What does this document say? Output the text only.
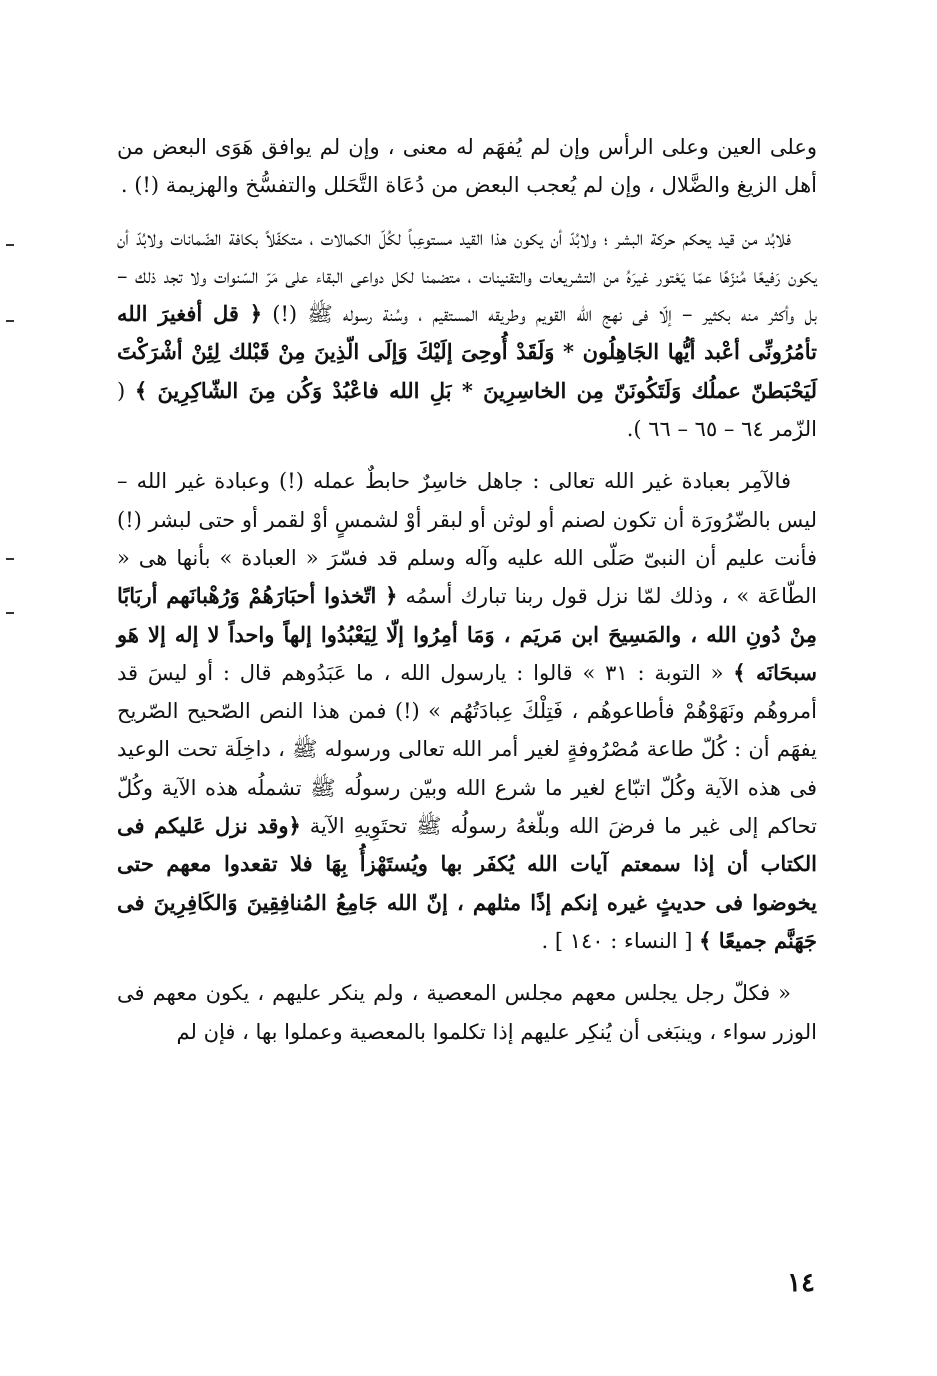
وعلى العين وعلى الرأس وإن لم يُفهَم له معنى ، وإن لم يوافق هَوَى البعض من أهل الزيغ والضَّلال ، وإن لم يُعجب البعض من دُعَاة التَّحَلل والتفسُّخ والهزيمة (!) .

فلابُد من قيد يحكم حركة البشر ؛ ولابُدّ أن يكون هذا القيد مستوعِباً لكُلّ الكمالات ، متكفّلاً بكافة الضّمانات ولابُدّ أن يكون رَفيعًا مُنزّهًا عمّا يَعْتور غيرَهُ من التشريعات والتقنينات ، متضمنا لكل دواعى البقاء على مَرّ السّنوات ولا تجد ذلك – بل وأكثر منه بكثير – إلّا فى نهج الله القويم وطريقه المستقيم ، وسُنة رسوله ﷺ (!) ﴿ قل أفغيرَ الله تأمُرُونِّى أعْبد أيُّها الجَاهِلُون * وَلَقَدْ أُوحِىَ إلَيْكَ وَإلَى الّذِينَ مِنْ قَبْلك لِئِنْ أشْرَكْتَ لَيَحْبَطنّ عملُك وَلَتَكُونَنّ مِن الخاسِرِينَ * بَلِ الله فاعْبُدْ وَكُن مِنَ الشّاكِرِينَ ﴾ ( الزّمر ٦٤ – ٦٥ – ٦٦ ).

فالآمِر بعبادة غير الله تعالى : جاهل خاسِرٌ حابطٌ عمله (!) وعبادة غير الله – ليس بالضّرُورَة أن تكون لصنم أو لوثن أو لبقر أوْ لشمسٍ أوْ لقمر أو حتى لبشر (!) فأنت عليم أن النبىّ صَلّى الله عليه وآله وسلم قد فسّرَ « العبادة » بأنها هى « الطّاعَة » ، وذلك لمّا نزل قول ربنا تبارك أسمُه ﴿ اتّخذوا أحبَارَهُمْ وَرُهْبانَهم أربَابًا مِنْ دُونِ الله ، والمَسِيحَ ابن مَريَم ، وَمَا أمِرُوا إلّا لِيَعْبُدُوا إلهاً واحداً لا إله إلا هَو سبحَانَه ﴾ « التوبة : ٣١ » قالوا : يارسول الله ، ما عَبَدُوهم قال : أو ليسَ قد أمروهُم ونَهَوْهُمْ فأطاعوهُم ، فَتِلْكَ عِبادَتُهُم » (!) فمن هذا النص الصّحيح الصّريح يفهَم أن : كُلّ طاعة مُصْرُوفةٍ لغير أمر الله تعالى ورسوله ﷺ ، داخِلَة تحت الوعيد فى هذه الآية وكُلّ اتبّاع لغير ما شرع الله وبيّن رسولُه ﷺ تشملُه هذه الآية وكُلّ تحاكم إلى غير ما فرضَ الله وبلّغهُ رسولُه ﷺ تحتَوِيهِ الآية ﴿وقد نزل عَليكم فى الكتاب أن إذا سمعتم آيات الله يُكفَر بها ويُستَهْزأُ بِهَا فلا تقعدوا معهم حتى يخوضوا فى حديثٍ غيره إنكم إذًا مثلهم ، إنّ الله جَامِعُ المُنافِقِينَ وَالكَافِرِينَ فى جَهَنَّم جميعًا ﴾ [ النساء : ١٤٠ ] .

« فكلّ رجل يجلس معهم مجلس المعصية ، ولم ينكر عليهم ، يكون معهم فى الوزر سواء ، وينبَغى أن يُنكِر عليهم إذا تكلموا بالمعصية وعملوا بها ، فإن لم

١٤
